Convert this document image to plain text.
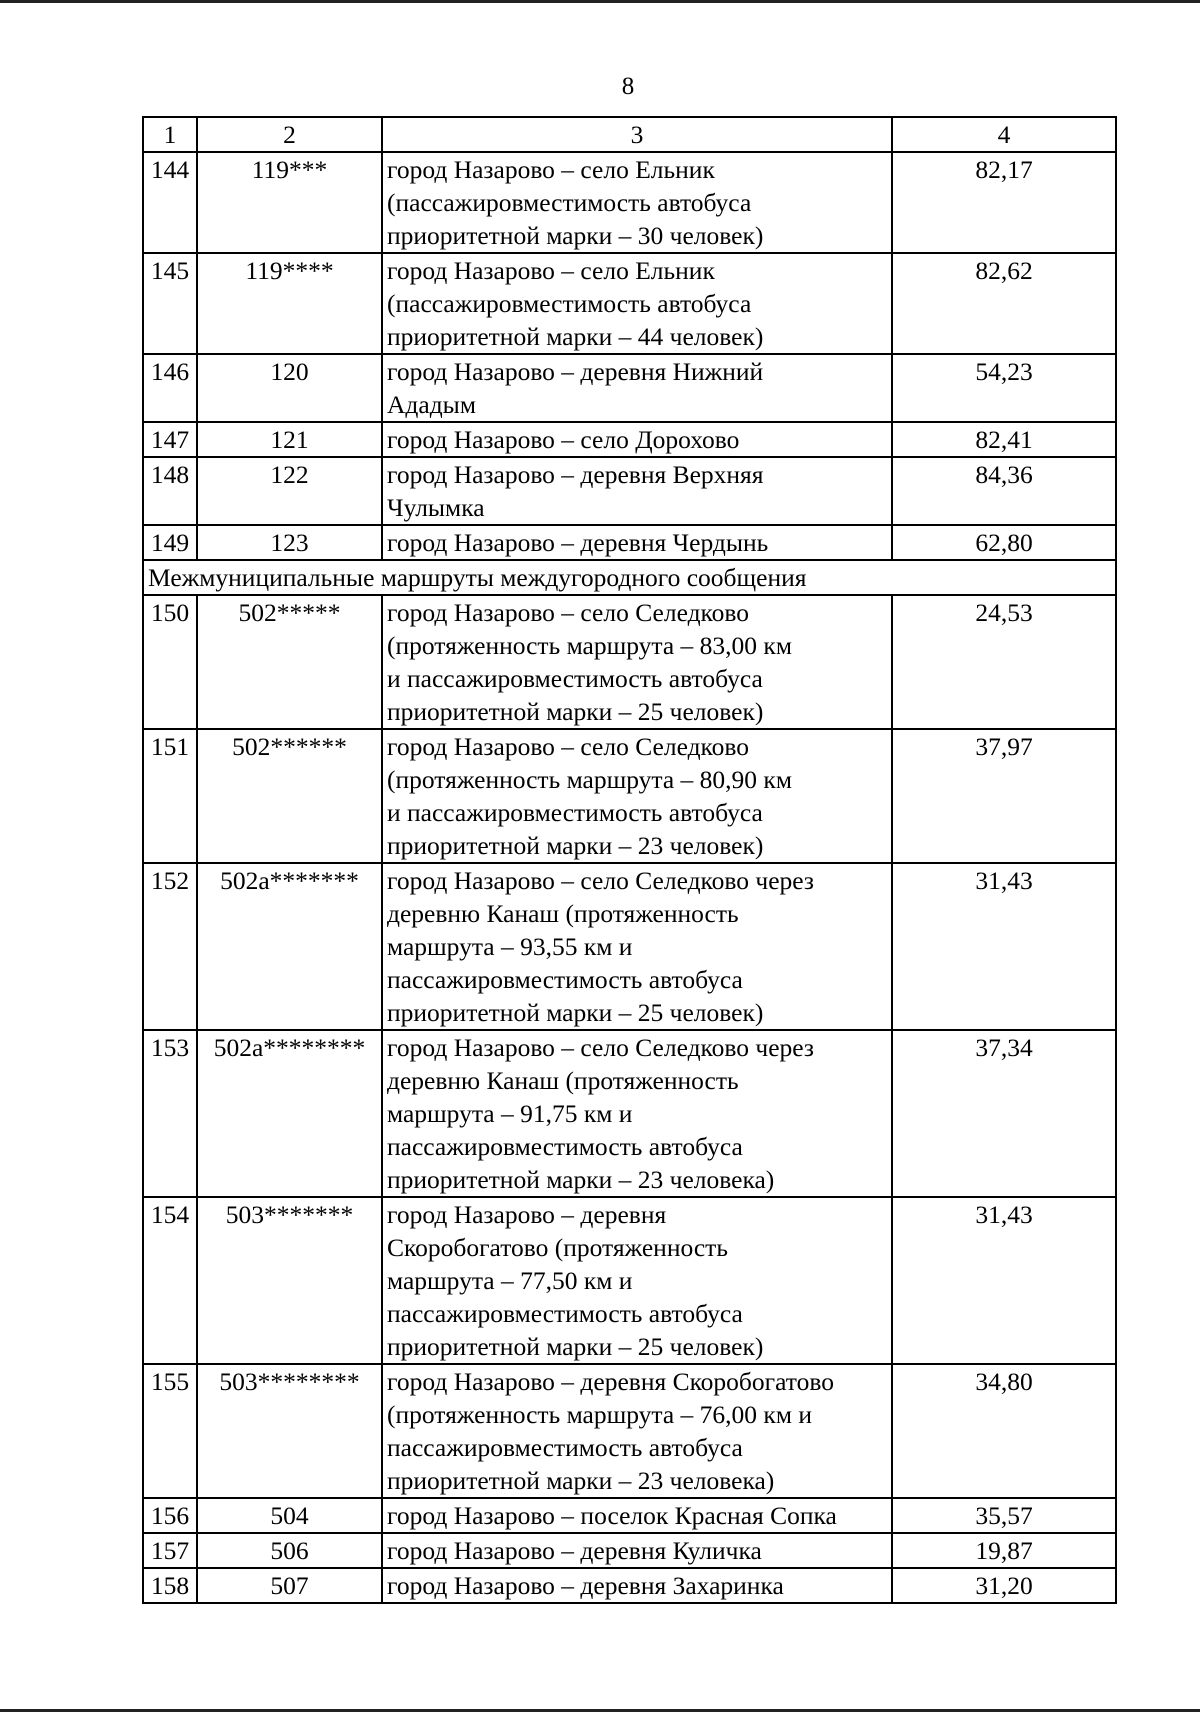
8
1	2	3	4
144	119***	город Назарово – село Ельник
(пассажировместимость автобуса
приоритетной марки – 30 человек)	82,17
145	119****	город Назарово – село Ельник
(пассажировместимость автобуса
приоритетной марки – 44 человек)	82,62
146	120	город Назарово – деревня Нижний
Ададым	54,23
147	121	город Назарово – село Дорохово	82,41
148	122	город Назарово – деревня Верхняя
Чулымка	84,36
149	123	город Назарово – деревня Чердынь	62,80
Межмуниципальные маршруты междугородного сообщения			
150	502*****	город Назарово – село Селедково
(протяженность маршрута – 83,00 км
и пассажировместимость автобуса
приоритетной марки – 25 человек)	24,53
151	502******	город Назарово – село Селедково
(протяженность маршрута – 80,90 км
и пассажировместимость автобуса
приоритетной марки – 23 человек)	37,97
152	502а*******	город Назарово – село Селедково через
деревню Канаш (протяженность
маршрута – 93,55 км и
пассажировместимость автобуса
приоритетной марки – 25 человек)	31,43
153	502а********	город Назарово – село Селедково через
деревню Канаш (протяженность
маршрута – 91,75 км и
пассажировместимость автобуса
приоритетной марки – 23 человека)	37,34
154	503*******	город Назарово – деревня
Скоробогатово (протяженность
маршрута – 77,50 км и
пассажировместимость автобуса
приоритетной марки – 25 человек)	31,43
155	503********	город Назарово – деревня Скоробогатово
(протяженность маршрута – 76,00 км и
пассажировместимость автобуса
приоритетной марки – 23 человека)	34,80
156	504	город Назарово – поселок Красная Сопка	35,57
157	506	город Назарово – деревня Куличка	19,87
158	507	город Назарово – деревня Захаринка	31,20
